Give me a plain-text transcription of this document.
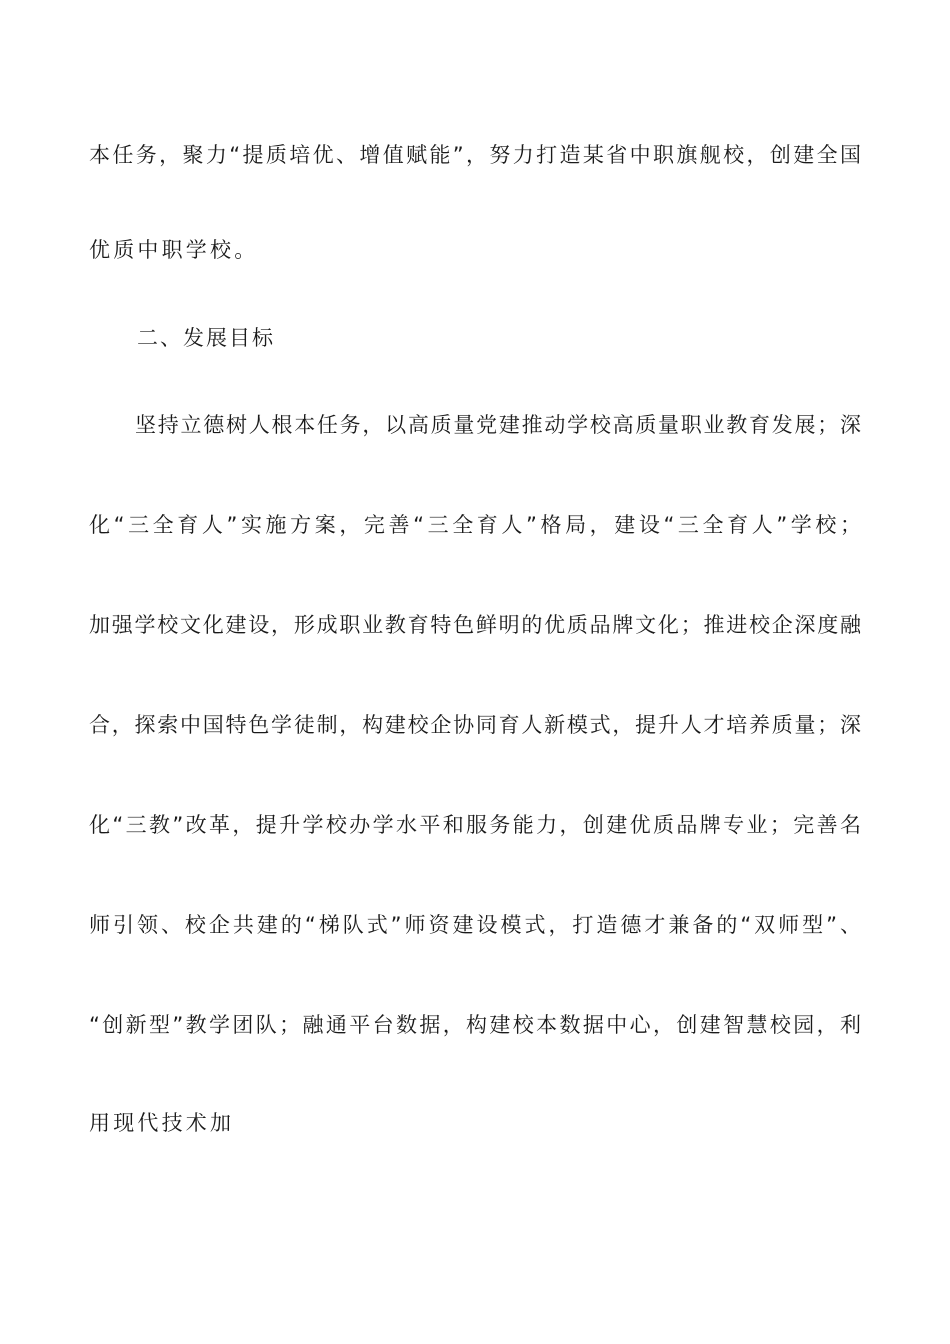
本任务，聚力“提质培优、增值赋能”，努力打造某省中职旗舰校，创建全国
优质中职学校。
二、发展目标
坚持立德树人根本任务，以高质量党建推动学校高质量职业教育发展；深
化“三全育人”实施方案，完善“三全育人”格局，建设“三全育人”学校；
加强学校文化建设，形成职业教育特色鲜明的优质品牌文化；推进校企深度融
合，探索中国特色学徒制，构建校企协同育人新模式，提升人才培养质量；深
化“三教”改革，提升学校办学水平和服务能力，创建优质品牌专业；完善名
师引领、校企共建的“梯队式”师资建设模式，打造德才兼备的“双师型”、
“创新型”教学团队；融通平台数据，构建校本数据中心，创建智慧校园，利
用现代技术加
